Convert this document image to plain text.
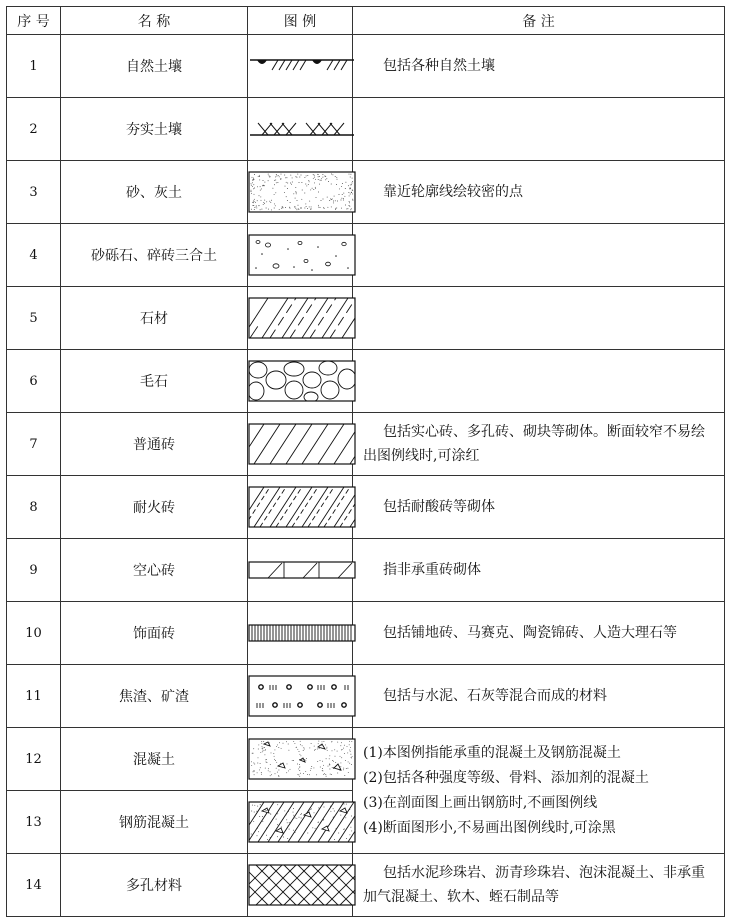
序 号	名 称	图 例	备 注
1	自然土壤		包括各种自然土壤
2	夯实土壤	

3	砂、灰土		靠近轮廓线绘较密的点
4	砂砾石、碎砖三合土	

5	石材	

6	毛石	

7	普通砖		包括实心砖、多孔砖、砌块等砌体。断面较窄不易绘出图例线时,可涂红
8	耐火砖		包括耐酸砖等砌体
9	空心砖		指非承重砖砌体
10	饰面砖		包括铺地砖、马赛克、陶瓷锦砖、人造大理石等
11	焦渣、矿渣		包括与水泥、石灰等混合而成的材料
12	混凝土		(1)本图例指能承重的混凝土及钢筋混凝土
(2)包括各种强度等级、骨料、添加剂的混凝土
(3)在剖面图上画出钢筋时,不画图例线
(4)断面图形小,不易画出图例线时,可涂黑

13	钢筋混凝土	

14	多孔材料		包括水泥珍珠岩、沥青珍珠岩、泡沫混凝土、非承重加气混凝土、软木、蛭石制品等
